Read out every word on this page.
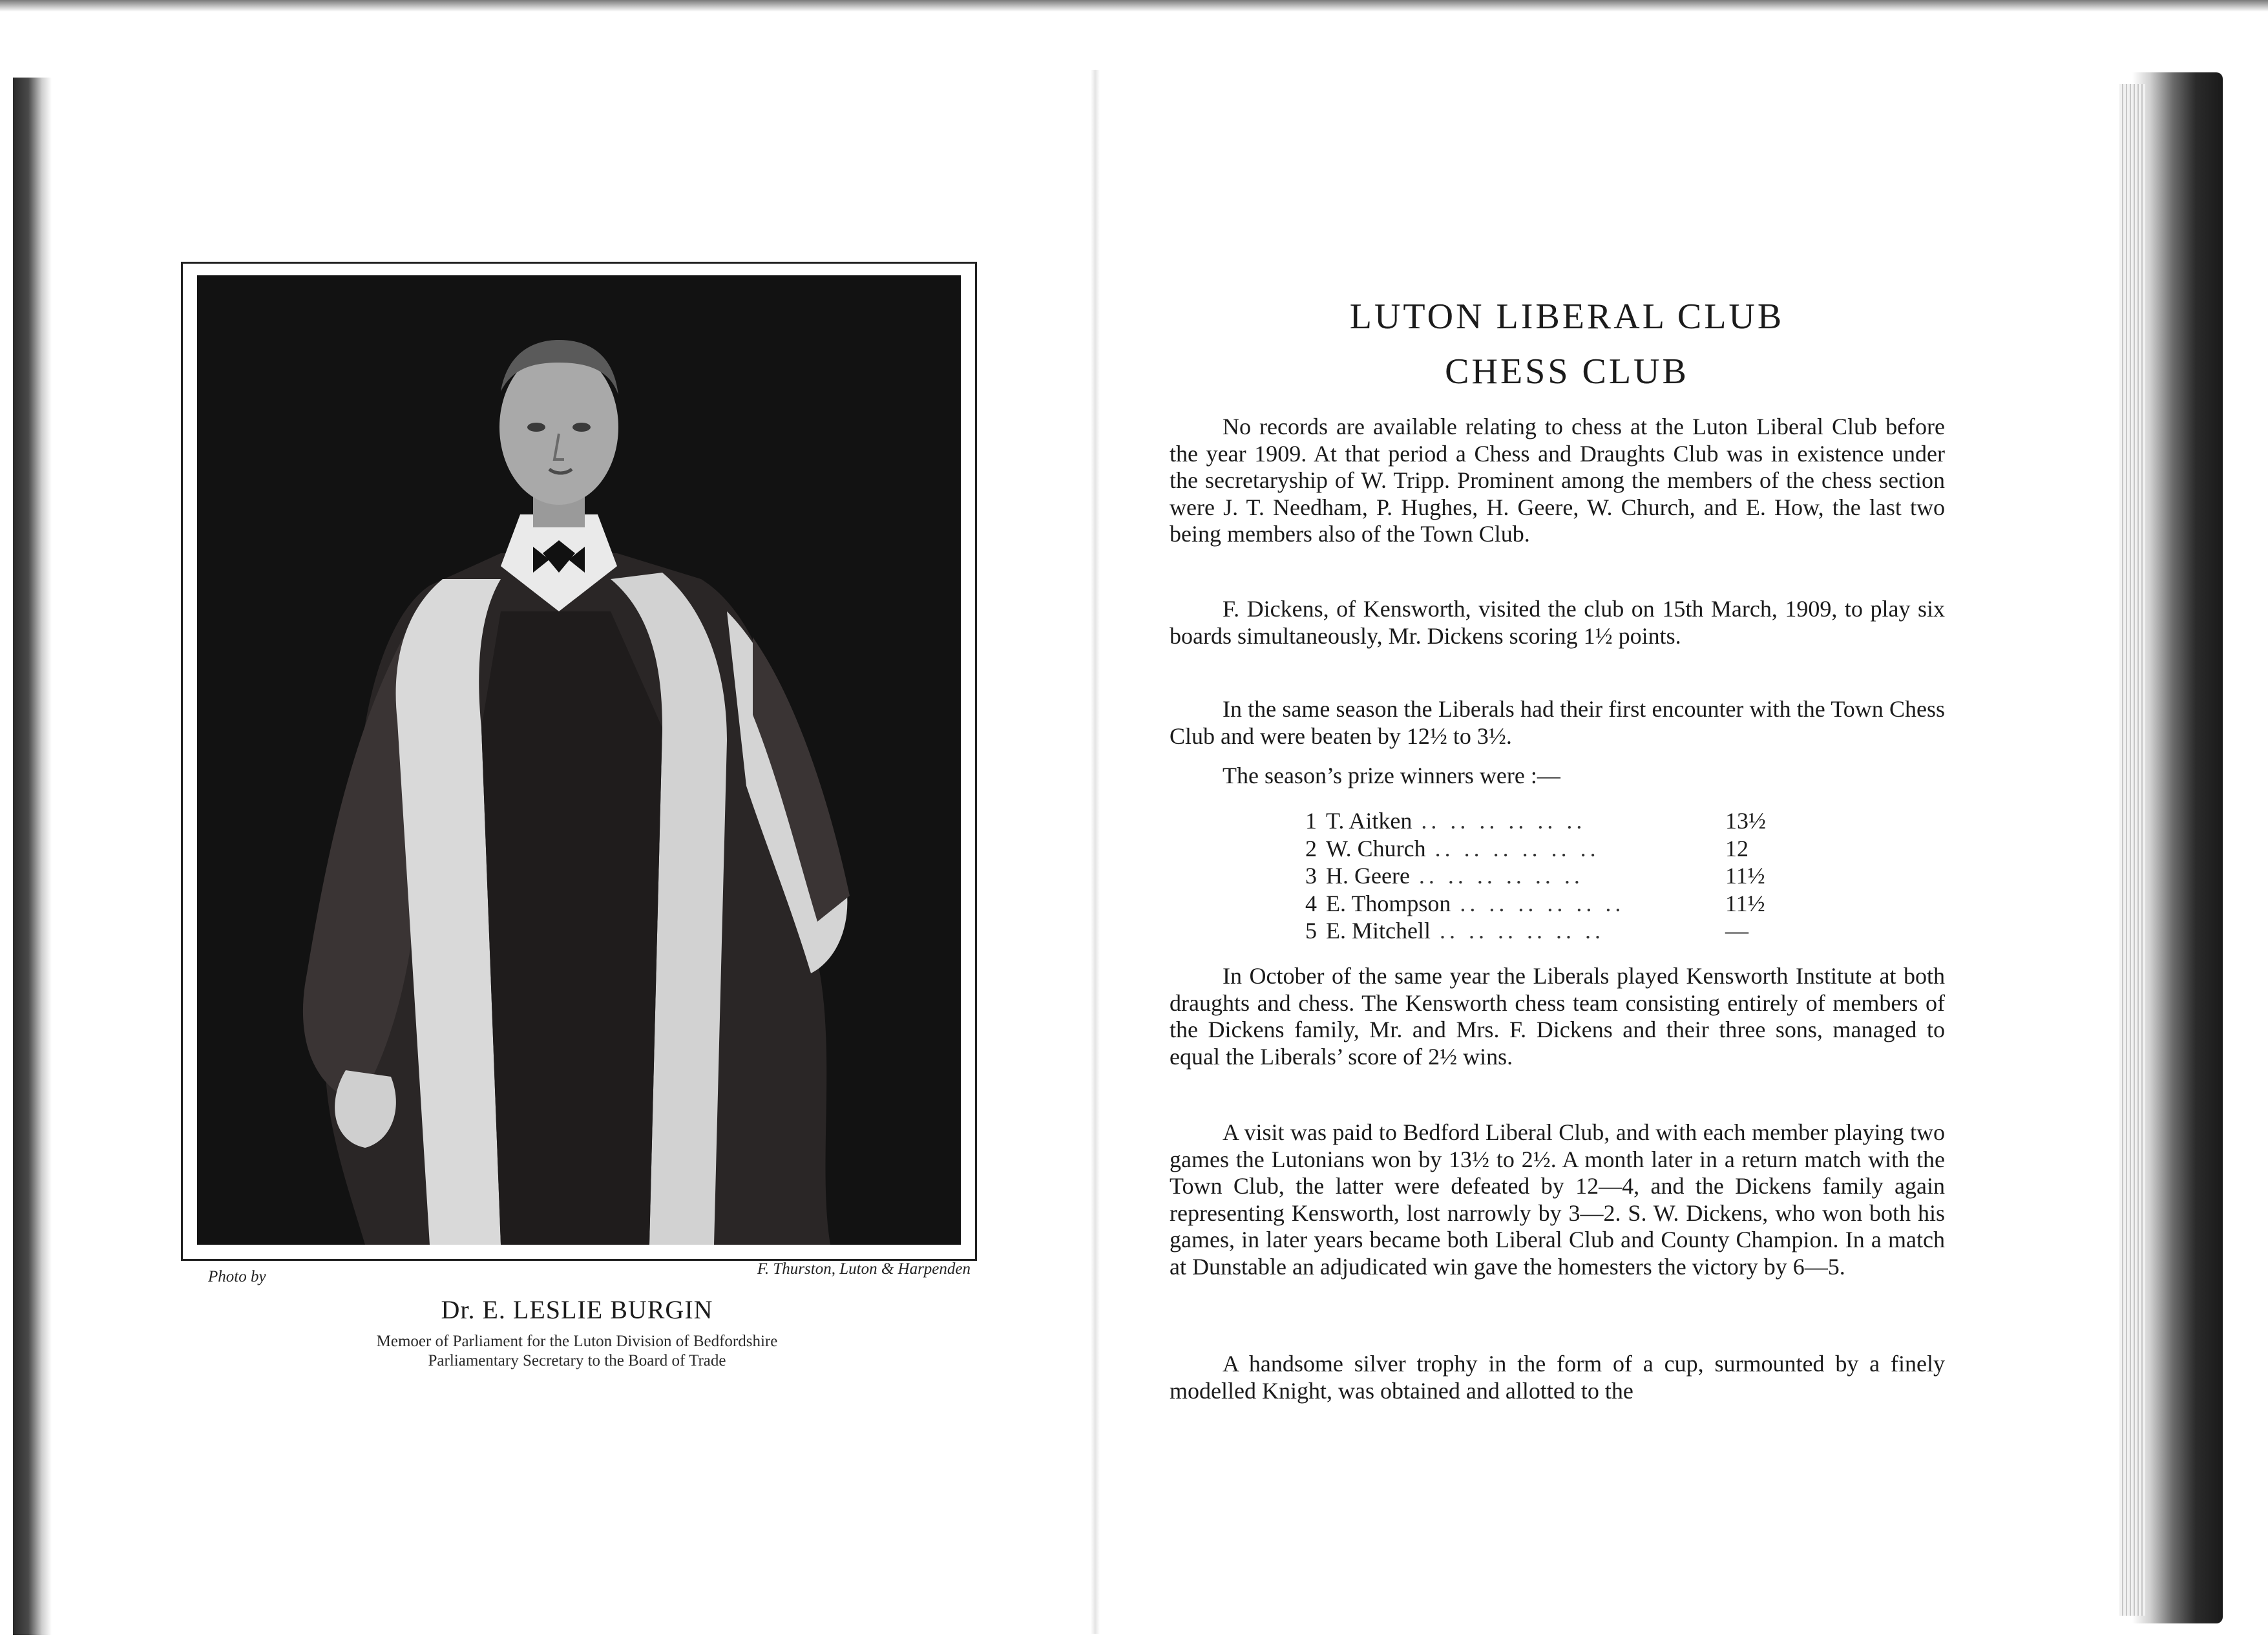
Photo by	F. Thurston, Luton & Harpenden
Dr. E. LESLIE BURGIN
Memoer of Parliament for the Luton Division of Bedfordshire
Parliamentary Secretary to the Board of Trade
LUTON LIBERAL CLUB
CHESS CLUB

No records are available relating to chess at the Luton Liberal Club before the year 1909. At that period a Chess and Draughts Club was in existence under the secretaryship of W. Tripp. Prominent among the members of the chess section were J. T. Needham, P. Hughes, H. Geere, W. Church, and E. How, the last two being members also of the Town Club.

F. Dickens, of Kensworth, visited the club on 15th March, 1909, to play six boards simultaneously, Mr. Dickens scoring 1½ points.

In the same season the Liberals had their first encounter with the Town Chess Club and were beaten by 12½ to 3½.

The season’s prize winners were :—

1 T. Aitken .. .. .. .. .. ..	13½
2 W. Church .. .. .. .. .. ..	12
3 H. Geere .. .. .. .. .. ..	11½
4 E. Thompson .. .. .. .. .. ..	11½
5 E. Mitchell .. .. .. .. .. ..	—

In October of the same year the Liberals played Kensworth Institute at both draughts and chess. The Kensworth chess team consisting entirely of members of the Dickens family, Mr. and Mrs. F. Dickens and their three sons, managed to equal the Liberals’ score of 2½ wins.

A visit was paid to Bedford Liberal Club, and with each member playing two games the Lutonians won by 13½ to 2½. A month later in a return match with the Town Club, the latter were defeated by 12—4, and the Dickens family again representing Kensworth, lost narrowly by 3—2. S. W. Dickens, who won both his games, in later years became both Liberal Club and County Champion. In a match at Dunstable an adjudicated win gave the homesters the victory by 6—5.

A handsome silver trophy in the form of a cup, surmounted by a finely modelled Knight, was obtained and allotted to the
